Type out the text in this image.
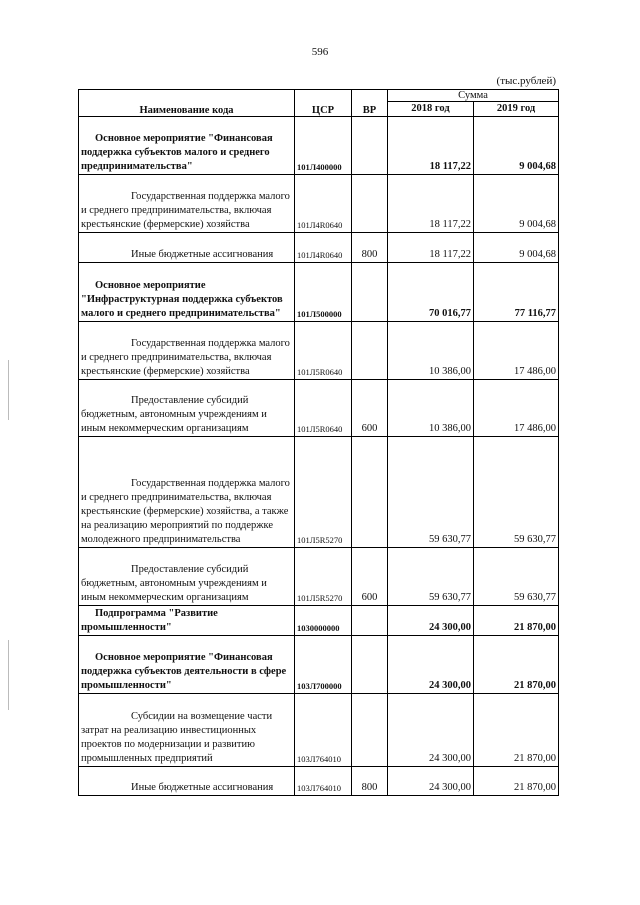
596
(тыс.рублей)
Наименование кода	ЦСР	ВР	Сумма	
			2018 год	2019 год
Основное мероприятие "Финансовая поддержка субъектов малого и среднего предпринимательства"	101Л400000		18 117,22	9 004,68
Государственная поддержка малого и среднего предпринимательства, включая крестьянские (фермерские) хозяйства	101Л4R0640		18 117,22	9 004,68
Иные бюджетные ассигнования	101Л4R0640	800	18 117,22	9 004,68
Основное мероприятие "Инфраструктурная поддержка субъектов малого и среднего предпринимательства"	101Л500000		70 016,77	77 116,77
Государственная поддержка малого и среднего предпринимательства, включая крестьянские (фермерские) хозяйства	101Л5R0640		10 386,00	17 486,00
Предоставление субсидий бюджетным, автономным учреждениям и иным некоммерческим организациям	101Л5R0640	600	10 386,00	17 486,00
Государственная поддержка малого и среднего предпринимательства, включая крестьянские (фермерские) хозяйства, а также на реализацию мероприятий по поддержке молодежного предпринимательства	101Л5R5270		59 630,77	59 630,77
Предоставление субсидий бюджетным, автономным учреждениям и иным некоммерческим организациям	101Л5R5270	600	59 630,77	59 630,77
Подпрограмма "Развитие промышленности"	1030000000		24 300,00	21 870,00
Основное мероприятие "Финансовая поддержка субъектов деятельности в сфере промышленности"	103Л700000		24 300,00	21 870,00
Субсидии на возмещение части затрат на реализацию инвестиционных проектов по модернизации и развитию промышленных предприятий	103Л764010		24 300,00	21 870,00
Иные бюджетные ассигнования	103Л764010	800	24 300,00	21 870,00
